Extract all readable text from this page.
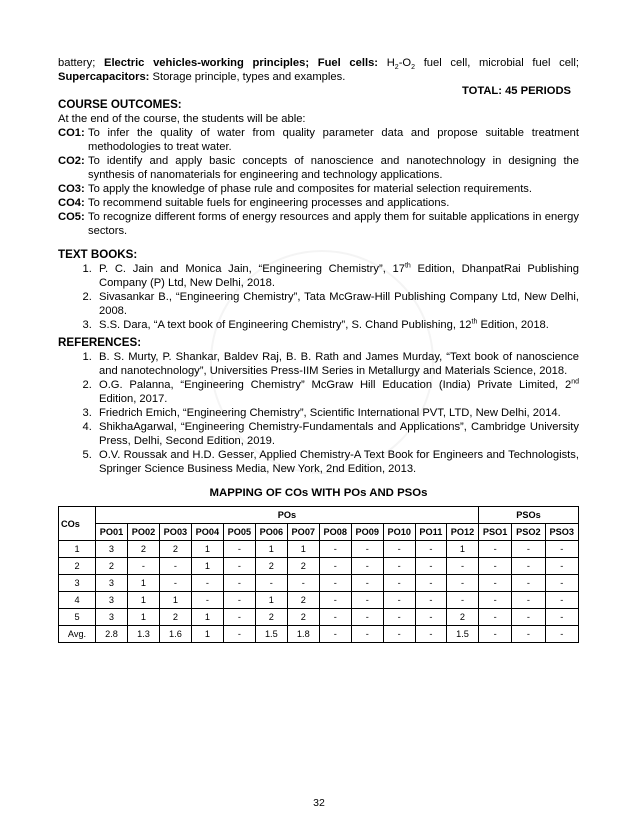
battery; Electric vehicles-working principles; Fuel cells: $H_2-O_2$ fuel cell, microbial fuel cell; Supercapacitors: Storage principle, types and examples.
TOTAL: 45 PERIODS
COURSE OUTCOMES:
At the end of the course, the students will be able:
CO1: To infer the quality of water from quality parameter data and propose suitable treatment methodologies to treat water.
CO2: To identify and apply basic concepts of nanoscience and nanotechnology in designing the synthesis of nanomaterials for engineering and technology applications.
CO3: To apply the knowledge of phase rule and composites for material selection requirements.
CO4: To recommend suitable fuels for engineering processes and applications.
CO5: To recognize different forms of energy resources and apply them for suitable applications in energy sectors.
TEXT BOOKS:
1. P. C. Jain and Monica Jain, “Engineering Chemistry”, 17th Edition, DhanpatRai Publishing Company (P) Ltd, New Delhi, 2018.
2. Sivasankar B., “Engineering Chemistry”, Tata McGraw-Hill Publishing Company Ltd, New Delhi, 2008.
3. S.S. Dara, “A text book of Engineering Chemistry”, S. Chand Publishing, 12th Edition, 2018.
REFERENCES:
1. B. S. Murty, P. Shankar, Baldev Raj, B. B. Rath and James Murday, “Text book of nanoscience and nanotechnology”, Universities Press-IIM Series in Metallurgy and Materials Science, 2018.
2. O.G. Palanna, “Engineering Chemistry” McGraw Hill Education (India) Private Limited, 2nd Edition, 2017.
3. Friedrich Emich, “Engineering Chemistry”, Scientific International PVT, LTD, New Delhi, 2014.
4. ShikhaAgarwal, “Engineering Chemistry-Fundamentals and Applications”, Cambridge University Press, Delhi, Second Edition, 2019.
5. O.V. Roussak and H.D. Gesser, Applied Chemistry-A Text Book for Engineers and Technologists, Springer Science Business Media, New York, 2nd Edition, 2013.
MAPPING OF COs WITH POs AND PSOs
COs	POs												PSOs		
	PO01	PO02	PO03	PO04	PO05	PO06	PO07	PO08	PO09	PO10	PO11	PO12	PSO1	PSO2	PSO3
1	3	2	2	1	-	1	1	-	-	-	-	1	-	-	-
2	2	-	-	1	-	2	2	-	-	-	-	-	-	-	-
3	3	1	-	-	-	-	-	-	-	-	-	-	-	-	-
4	3	1	1	-	-	1	2	-	-	-	-	-	-	-	-
5	3	1	2	1	-	2	2	-	-	-	-	2	-	-	-
Avg.	2.8	1.3	1.6	1	-	1.5	1.8	-	-	-	-	1.5	-	-	-
32
